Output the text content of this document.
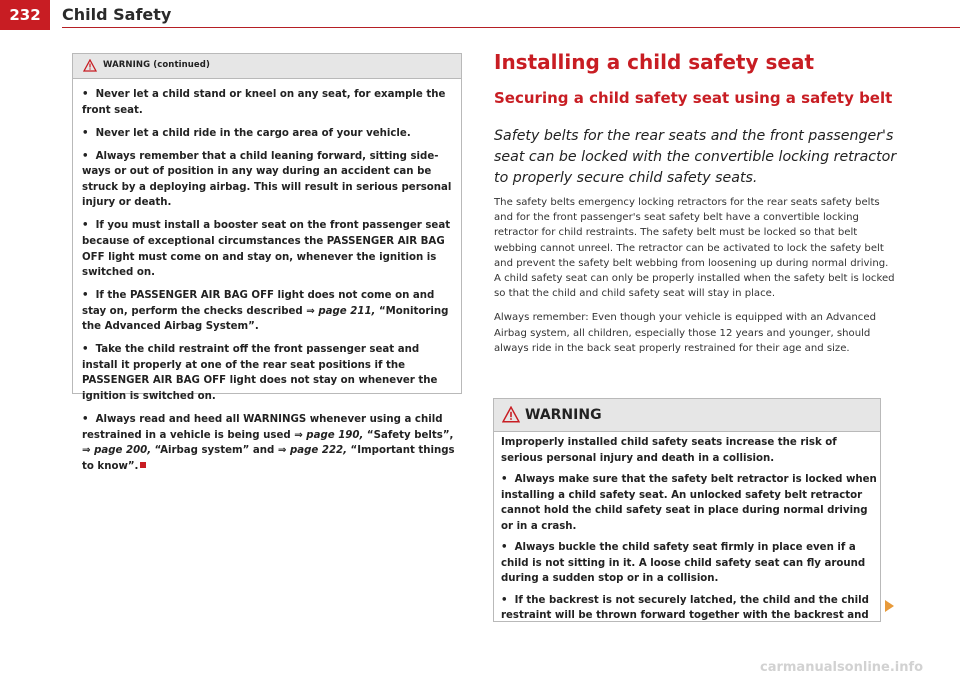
232	Child Safety
WARNING (continued)

•  Never let a child stand or kneel on any seat, for example the front seat.

•  Never let a child ride in the cargo area of your vehicle.

•  Always remember that a child leaning forward, sitting side-ways or out of position in any way during an accident can be struck by a deploying airbag. This will result in serious personal injury or death.

•  If you must install a booster seat on the front passenger seat because of exceptional circumstances the PASSENGER AIR BAG OFF light must come on and stay on, whenever the ignition is switched on.

•  If the PASSENGER AIR BAG OFF light does not come on and stay on, perform the checks described ⇒ page 211, “Monitoring the Advanced Airbag System”.

•  Take the child restraint off the front passenger seat and install it properly at one of the rear seat positions if the PASSENGER AIR BAG OFF light does not stay on whenever the ignition is switched on.

•  Always read and heed all WARNINGS whenever using a child restrained in a vehicle is being used ⇒ page 190, “Safety belts”, ⇒ page 200, “Airbag system” and ⇒ page 222, “Important things to know”.

Installing a child safety seat
Securing a child safety seat using a safety belt
Safety belts for the rear seats and the front passenger's seat can be locked with the convertible locking retractor to properly secure child safety seats.

The safety belts emergency locking retractors for the rear seats safety belts and for the front passenger's seat safety belt have a convertible locking retractor for child restraints. The safety belt must be locked so that belt webbing cannot unreel. The retractor can be activated to lock the safety belt and prevent the safety belt webbing from loosening up during normal driving. A child safety seat can only be properly installed when the safety belt is locked so that the child and child safety seat will stay in place.

Always remember: Even though your vehicle is equipped with an Advanced Airbag system, all children, especially those 12 years and younger, should always ride in the back seat properly restrained for their age and size.

WARNING

Improperly installed child safety seats increase the risk of serious personal injury and death in a collision.

•  Always make sure that the safety belt retractor is locked when installing a child safety seat. An unlocked safety belt retractor cannot hold the child safety seat in place during normal driving or in a crash.

•  Always buckle the child safety seat firmly in place even if a child is not sitting in it. A loose child safety seat can fly around during a sudden stop or in a collision.

•  If the backrest is not securely latched, the child and the child restraint will be thrown forward together with the backrest and

carmanualsonline.info
